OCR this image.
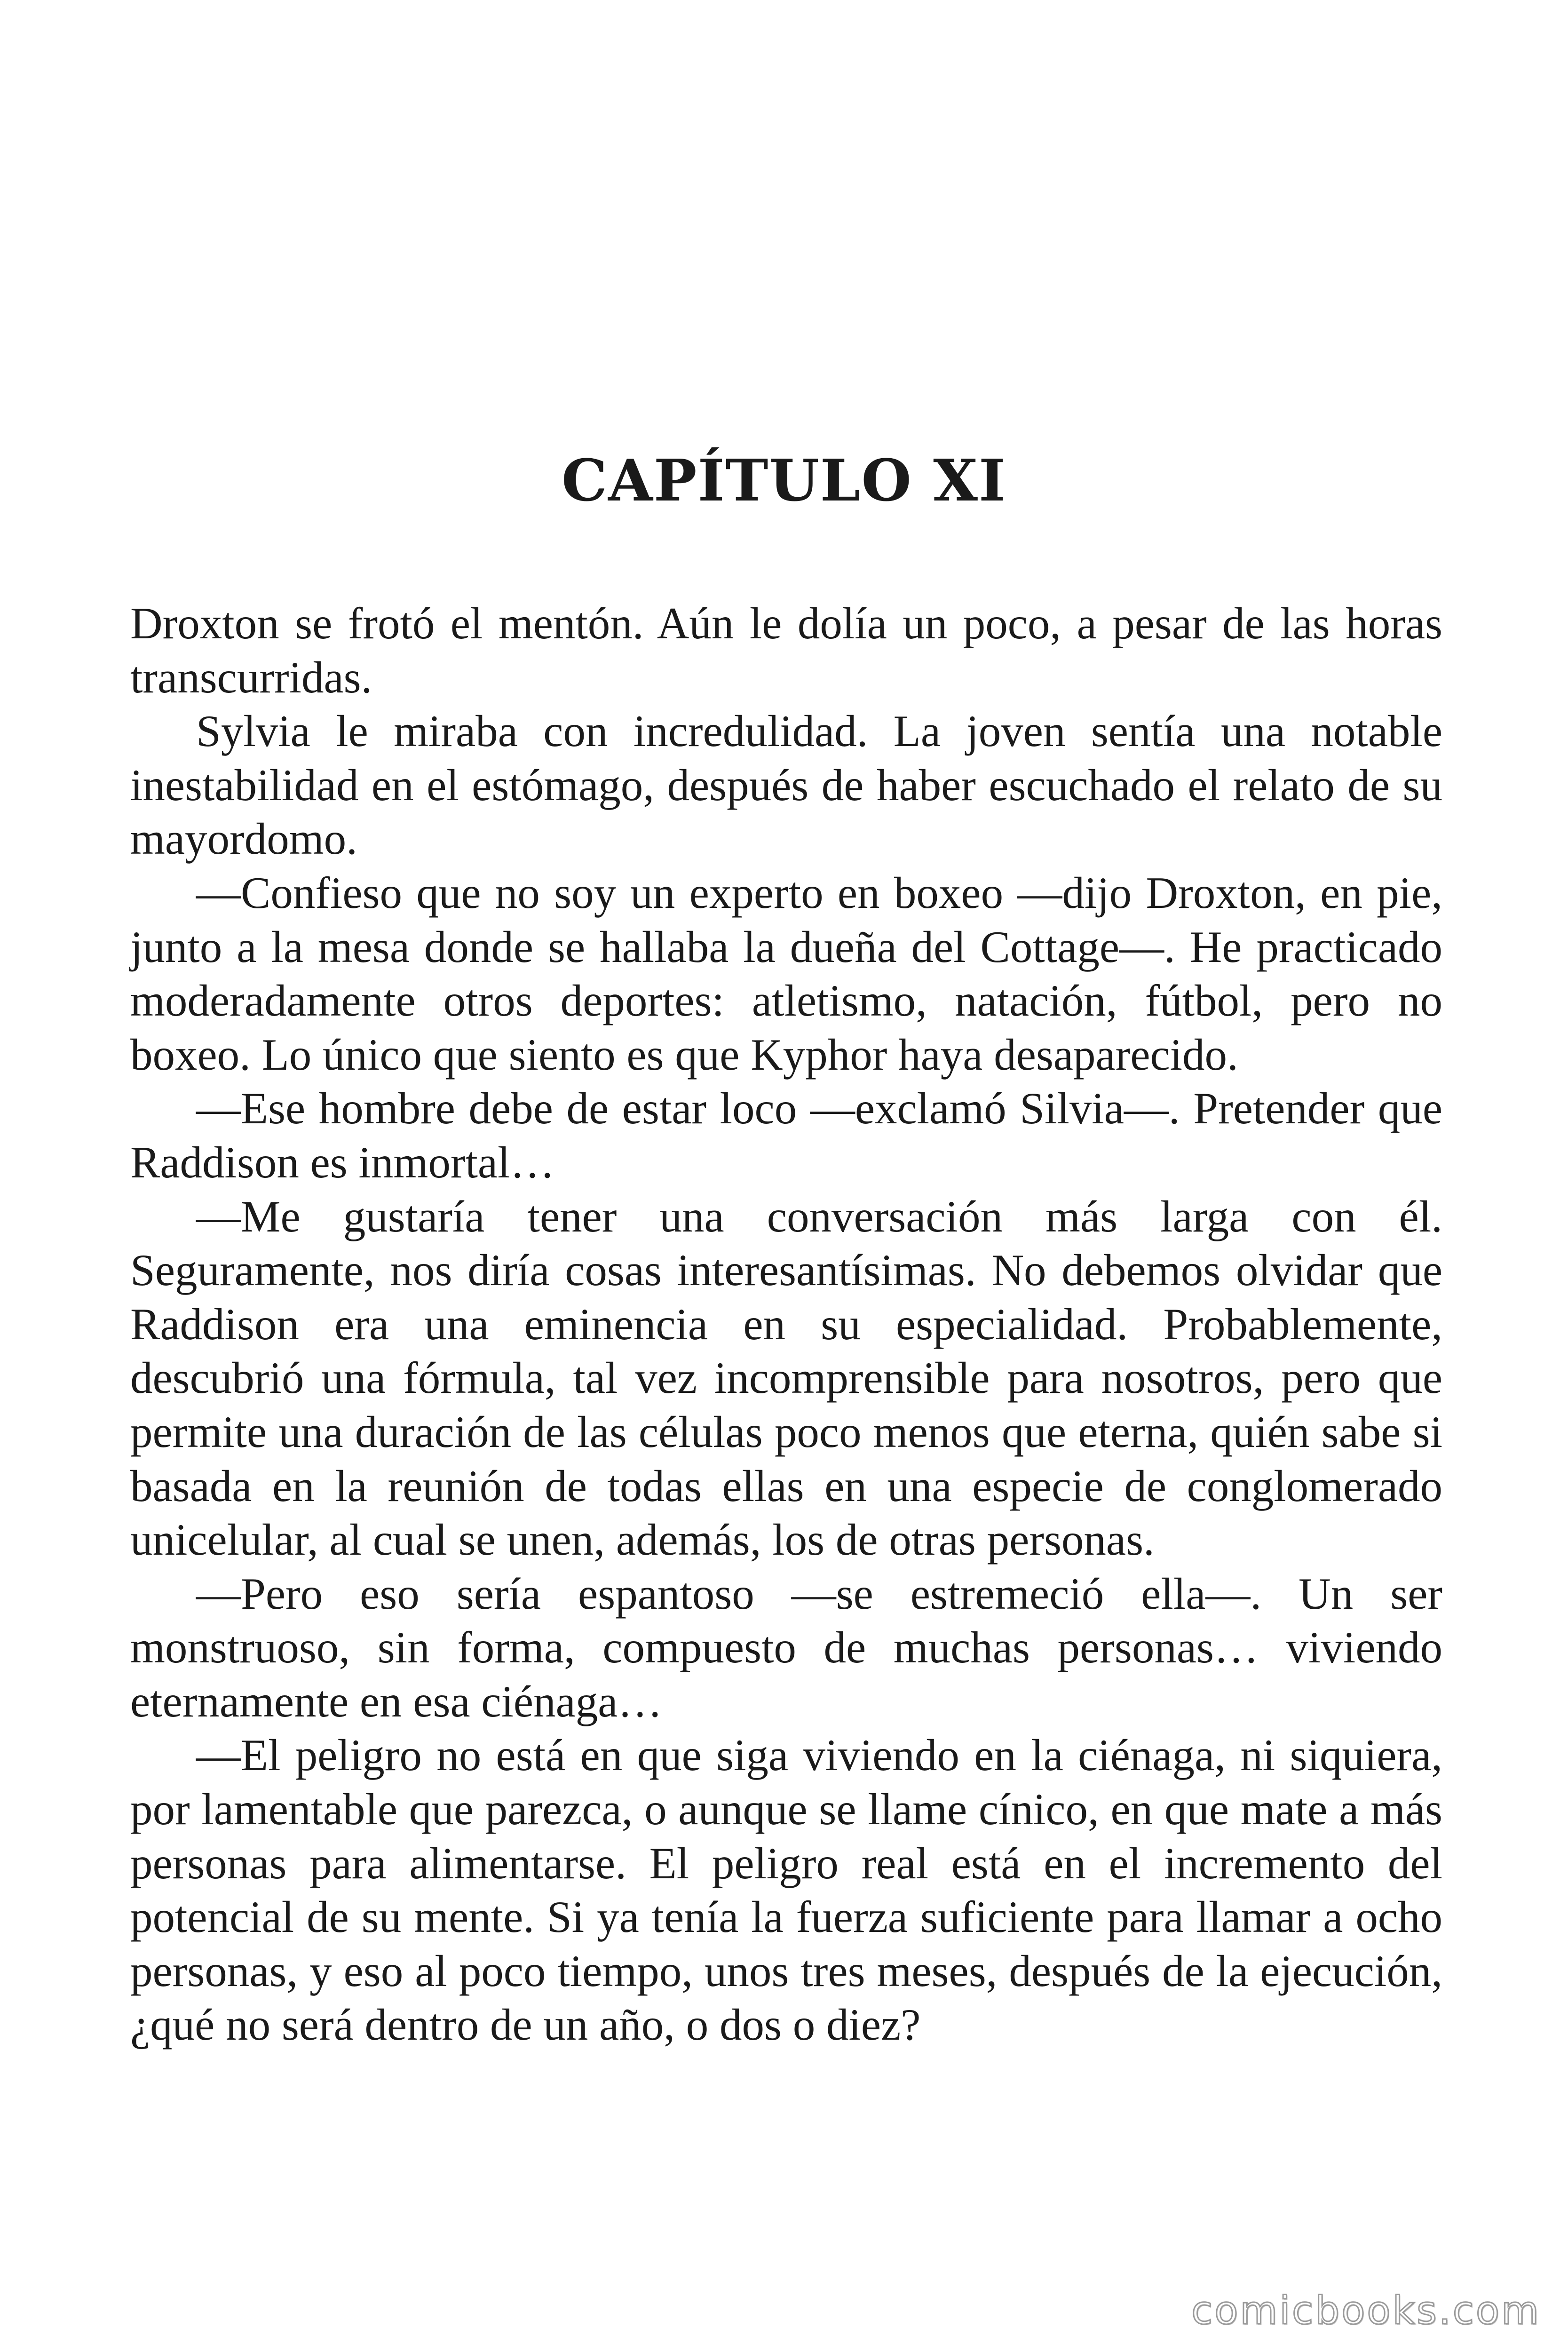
CAPÍTULO XI

Droxton se frotó el mentón. Aún le dolía un poco, a pesar de las horas transcurridas.

Sylvia le miraba con incredulidad. La joven sentía una notable inestabilidad en el estómago, después de haber escuchado el relato de su mayordomo.

—Confieso que no soy un experto en boxeo —dijo Droxton, en pie, junto a la mesa donde se hallaba la dueña del Cottage—. He practicado moderadamente otros deportes: atletismo, natación, fútbol, pero no boxeo. Lo único que siento es que Kyphor haya desaparecido.

—Ese hombre debe de estar loco —exclamó Silvia—. Pretender que Raddison es inmortal…

—Me gustaría tener una conversación más larga con él. Seguramente, nos diría cosas interesantísimas. No debemos olvidar que Raddison era una eminencia en su especialidad. Probablemente, descubrió una fórmula, tal vez incomprensible para nosotros, pero que permite una duración de las células poco menos que eterna, quién sabe si basada en la reunión de todas ellas en una especie de conglomerado unicelular, al cual se unen, además, los de otras personas.

—Pero eso sería espantoso —se estremeció ella—. Un ser monstruoso, sin forma, compuesto de muchas personas… viviendo eternamente en esa ciénaga…

—El peligro no está en que siga viviendo en la ciénaga, ni siquiera, por lamentable que parezca, o aunque se llame cínico, en que mate a más personas para alimentarse. El peligro real está en el incremento del potencial de su mente. Si ya tenía la fuerza suficiente para llamar a ocho personas, y eso al poco tiempo, unos tres meses, después de la ejecución, ¿qué no será dentro de un año, o dos o diez?

comicbooks.com
